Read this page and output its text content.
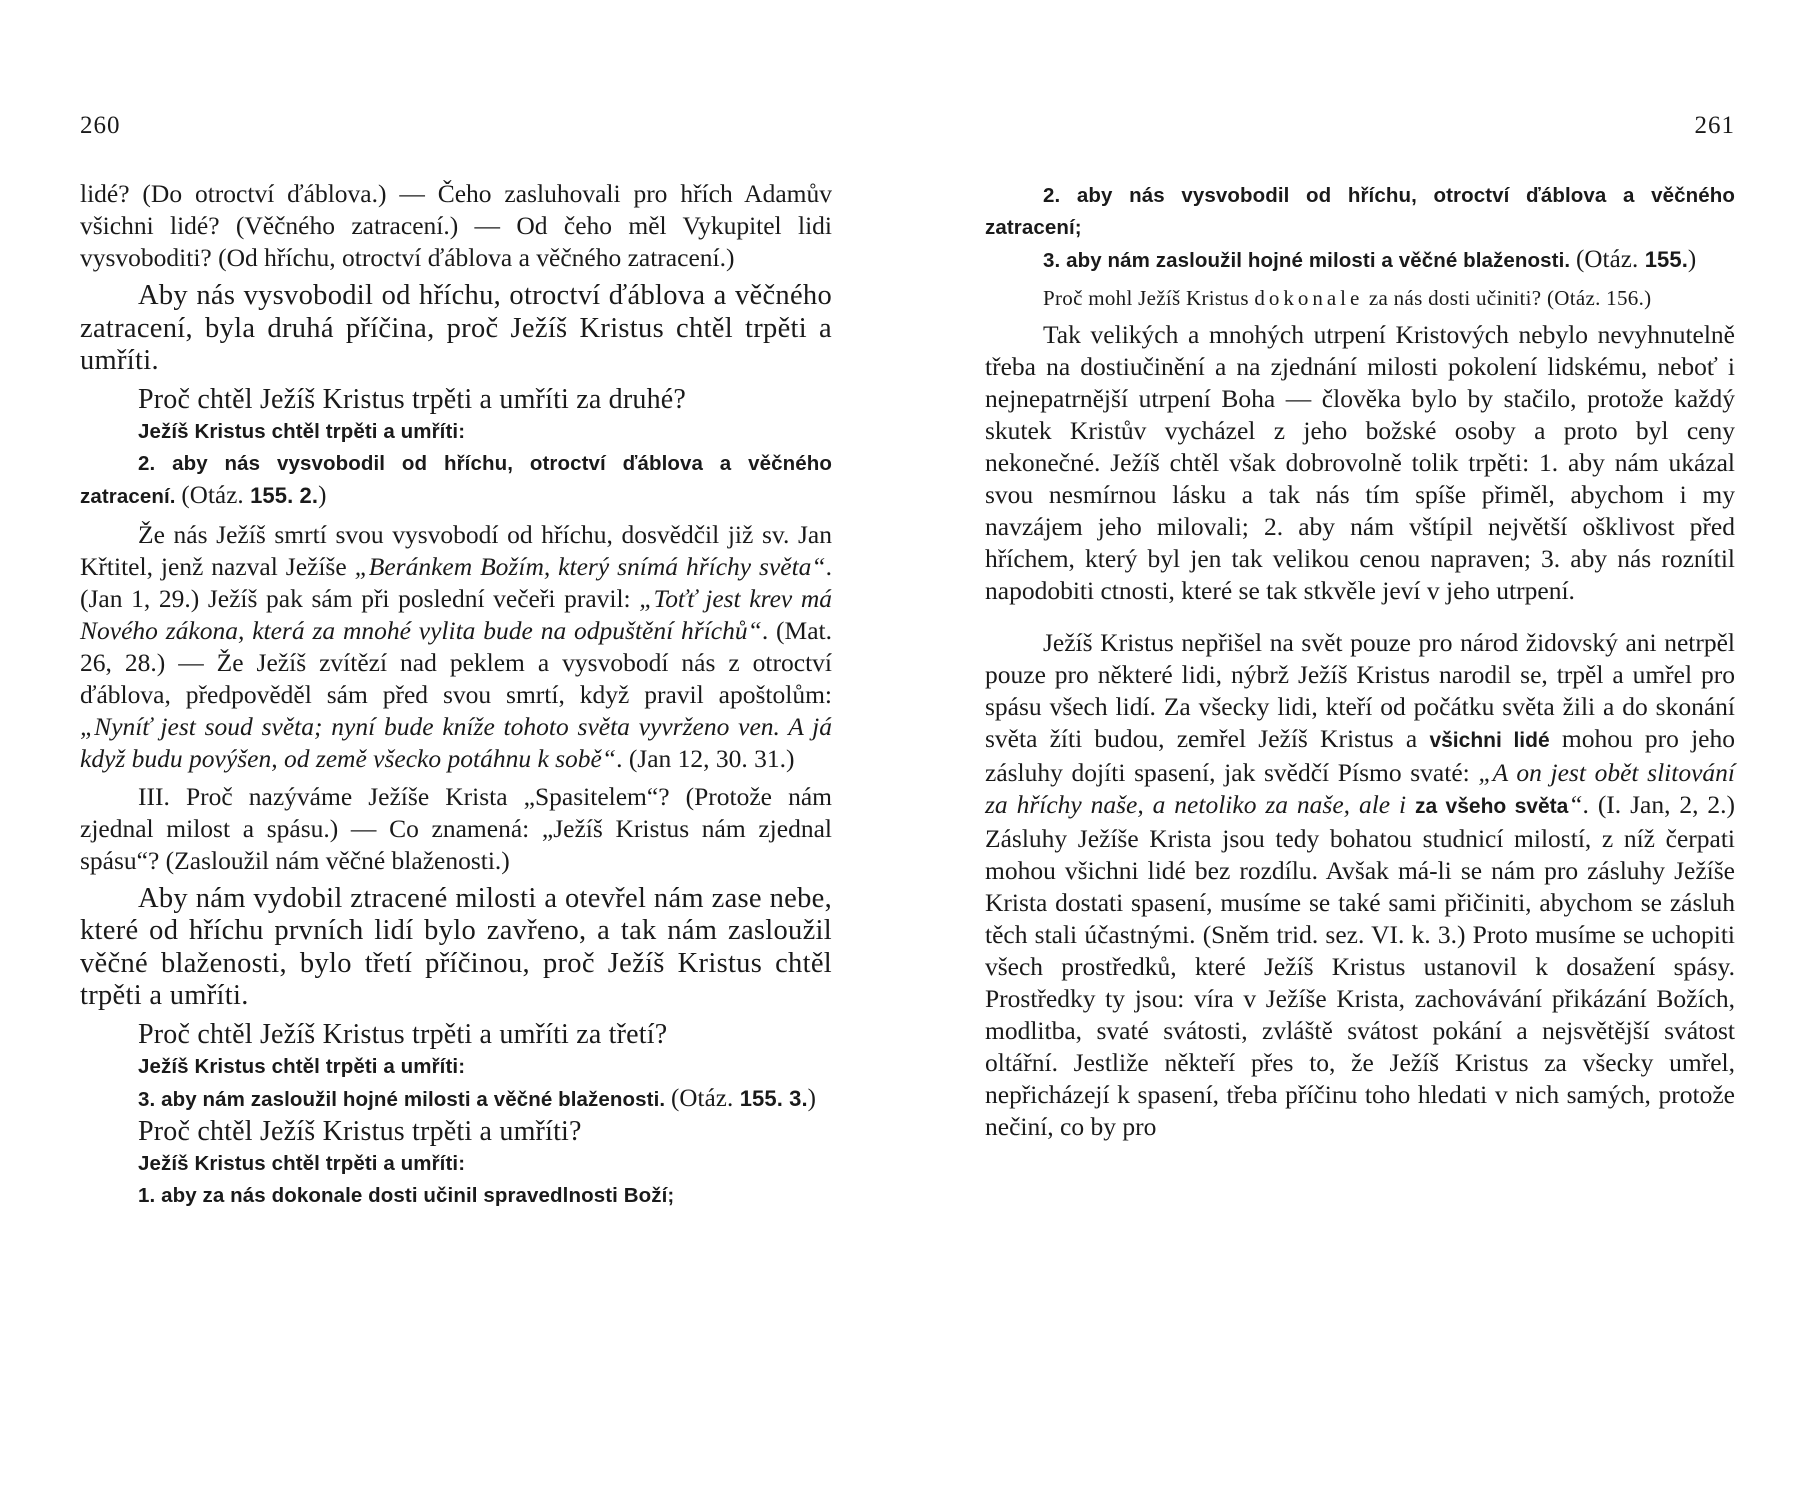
260

lidé? (Do otroctví ďáblova.) — Čeho zasluhovali pro hřích Adamův všichni lidé? (Věčného zatracení.) — Od čeho měl Vykupitel lidi vysvoboditi? (Od hříchu, otroctví ďáblova a věčného zatracení.)

Aby nás vysvobodil od hříchu, otroctví ďáblova a věčného zatracení, byla druhá příčina, proč Ježíš Kristus chtěl trpěti a umříti.

Proč chtěl Ježíš Kristus trpěti a umříti za druhé?

Ježíš Kristus chtěl trpěti a umříti:

2. aby nás vysvobodil od hříchu, otroctví ďáblova a věčného zatracení. (Otáz. 155. 2.)

Že nás Ježíš smrtí svou vysvobodí od hříchu, dosvědčil již sv. Jan Křtitel, jenž nazval Ježíše „Beránkem Božím, který snímá hříchy světa“. (Jan 1, 29.) Ježíš pak sám při poslední večeři pravil: „Toťť jest krev má Nového zákona, která za mnohé vylita bude na odpuštění hříchů“. (Mat. 26, 28.) — Že Ježíš zvítězí nad peklem a vysvobodí nás z otroctví ďáblova, předpověděl sám před svou smrtí, když pravil apoštolům: „Nyníť jest soud světa; nyní bude kníže tohoto světa vyvrženo ven. A já když budu povýšen, od země všecko potáhnu k sobě“. (Jan 12, 30. 31.)

III. Proč nazýváme Ježíše Krista „Spasitelem“? (Protože nám zjednal milost a spásu.) — Co znamená: „Ježíš Kristus nám zjednal spásu“? (Zasloužil nám věčné blaženosti.)

Aby nám vydobil ztracené milosti a otevřel nám zase nebe, které od hříchu prvních lidí bylo zavřeno, a tak nám zasloužil věčné blaženosti, bylo třetí příčinou, proč Ježíš Kristus chtěl trpěti a umříti.

Proč chtěl Ježíš Kristus trpěti a umříti za třetí?

Ježíš Kristus chtěl trpěti a umříti:

3. aby nám zasloužil hojné milosti a věčné blaženosti. (Otáz. 155. 3.)

Proč chtěl Ježíš Kristus trpěti a umříti?

Ježíš Kristus chtěl trpěti a umříti:

1. aby za nás dokonale dosti učinil spravedlnosti Boží;

261

2. aby nás vysvobodil od hříchu, otroctví ďáblova a věčného zatracení;

3. aby nám zasloužil hojné milosti a věčné blaženosti. (Otáz. 155.)

Proč mohl Ježíš Kristus dokonale za nás dosti učiniti? (Otáz. 156.)

Tak velikých a mnohých utrpení Kristových nebylo nevyhnutelně třeba na dostiučinění a na zjednání milosti pokolení lidskému, neboť i nejnepatrnější utrpení Boha — člověka bylo by stačilo, protože každý skutek Kristův vycházel z jeho božské osoby a proto byl ceny nekonečné. Ježíš chtěl však dobrovolně tolik trpěti: 1. aby nám ukázal svou nesmírnou lásku a tak nás tím spíše přiměl, abychom i my navzájem jeho milovali; 2. aby nám vštípil největší ošklivost před hříchem, který byl jen tak velikou cenou napraven; 3. aby nás roznítil napodobiti ctnosti, které se tak stkvěle jeví v jeho utrpení.

Ježíš Kristus nepřišel na svět pouze pro národ židovský ani netrpěl pouze pro některé lidi, nýbrž Ježíš Kristus narodil se, trpěl a umřel pro spásu všech lidí. Za všecky lidi, kteří od počátku světa žili a do skonání světa žíti budou, zemřel Ježíš Kristus a všichni lidé mohou pro jeho zásluhy dojíti spasení, jak svědčí Písmo svaté: „A on jest obět slitování za hříchy naše, a netoliko za naše, ale i za všeho světa“. (I. Jan, 2, 2.) Zásluhy Ježíše Krista jsou tedy bohatou studnicí milostí, z níž čerpati mohou všichni lidé bez rozdílu. Avšak má-li se nám pro zásluhy Ježíše Krista dostati spasení, musíme se také sami přičiniti, abychom se zásluh těch stali účastnými. (Sněm trid. sez. VI. k. 3.) Proto musíme se uchopiti všech prostředků, které Ježíš Kristus ustanovil k dosažení spásy. Prostředky ty jsou: víra v Ježíše Krista, zachovávání přikázání Božích, modlitba, svaté svátosti, zvláště svátost pokání a nejsvětější svátost oltářní. Jestliže někteří přes to, že Ježíš Kristus za všecky umřel, nepřicházejí k spasení, třeba příčinu toho hledati v nich samých, protože nečiní, co by pro
